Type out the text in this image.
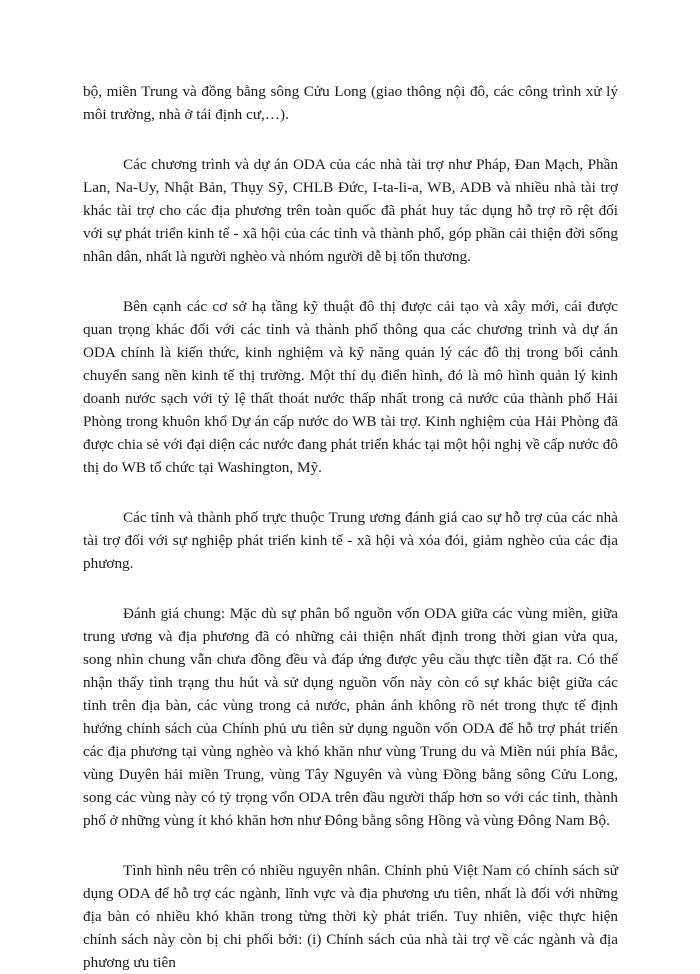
bộ, miền Trung và đồng bằng sông Cửu Long (giao thông nội đô, các công trình xử lý môi trường, nhà ở tái định cư,…).

Các chương trình và dự án ODA của các nhà tài trợ như Pháp, Đan Mạch, Phần Lan, Na-Uy, Nhật Bản, Thụy Sỹ, CHLB Đức, I-ta-li-a, WB, ADB và nhiều nhà tài trợ khác tài trợ cho các địa phương trên toàn quốc đã phát huy tác dụng hỗ trợ rõ rệt đối với sự phát triển kinh tế - xã hội của các tỉnh và thành phố, góp phần cải thiện đời sống nhân dân, nhất là người nghèo và nhóm người dễ bị tổn thương.

Bên cạnh các cơ sở hạ tầng kỹ thuật đô thị được cải tạo và xây mới, cái được quan trọng khác đối với các tỉnh và thành phố thông qua các chương trình và dự án ODA chính là kiến thức, kinh nghiệm và kỹ năng quản lý các đô thị trong bối cảnh chuyển sang nền kinh tế thị trường. Một thí dụ điển hình, đó là mô hình quản lý kinh doanh nước sạch với tỷ lệ thất thoát nước thấp nhất trong cả nước của thành phố Hải Phòng trong khuôn khổ Dự án cấp nước do WB tài trợ. Kinh nghiệm của Hải Phòng đã được chia sẻ với đại diện các nước đang phát triển khác tại một hội nghị về cấp nước đô thị do WB tổ chức tại Washington, Mỹ.

Các tỉnh và thành phố trực thuộc Trung ương đánh giá cao sự hỗ trợ của các nhà tài trợ đối với sự nghiệp phát triển kinh tế - xã hội và xóa đói, giảm nghèo của các địa phương.

Đánh giá chung: Mặc dù sự phân bổ nguồn vốn ODA giữa các vùng miền, giữa trung ương và địa phương đã có những cải thiện nhất định trong thời gian vừa qua, song nhìn chung vẫn chưa đồng đều và đáp ứng được yêu cầu thực tiễn đặt ra. Có thể nhận thấy tình trạng thu hút và sử dụng nguồn vốn này còn có sự khác biệt giữa các tỉnh trên địa bàn, các vùng trong cả nước, phản ánh không rõ nét trong thực tế định hướng chính sách của Chính phủ ưu tiên sử dụng nguồn vốn ODA để hỗ trợ phát triển các địa phương tại vùng nghèo và khó khăn như vùng Trung du và Miền núi phía Bắc, vùng Duyên hải miền Trung, vùng Tây Nguyên và vùng Đồng bằng sông Cửu Long, song các vùng này có tỷ trọng vốn ODA trên đầu người thấp hơn so với các tỉnh, thành phố ở những vùng ít khó khăn hơn như Đông bằng sông Hồng và vùng Đông Nam Bộ.

Tình hình nêu trên có nhiều nguyên nhân. Chính phủ Việt Nam có chính sách sử dụng ODA để hỗ trợ các ngành, lĩnh vực và địa phương ưu tiên, nhất là đối với những địa bàn có nhiều khó khăn trong từng thời kỳ phát triển. Tuy nhiên, việc thực hiện chính sách này còn bị chi phối bởi: (i) Chính sách của nhà tài trợ về các ngành và địa phương ưu tiên
